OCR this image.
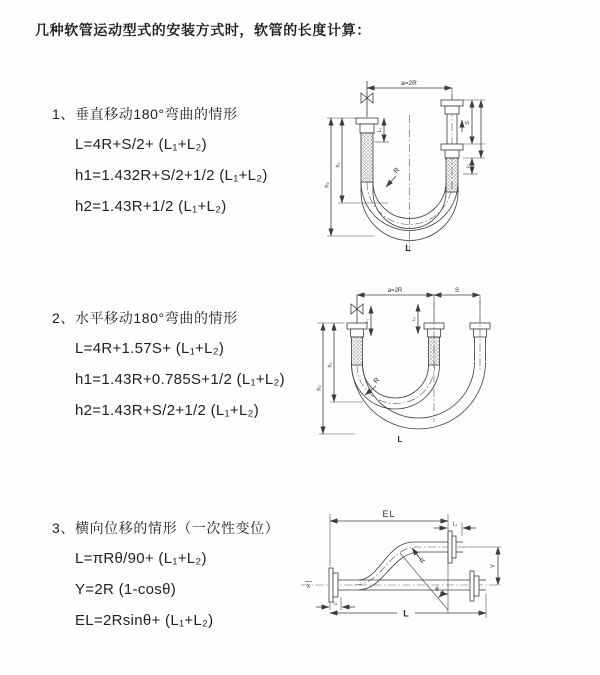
几种软管运动型式的安装方式时，软管的长度计算：
1、垂直移动180°弯曲的情形
L=4R+S/2+ (L₁+L₂)
h1=1.432R+S/2+1/2 (L₁+L₂)
h2=1.43R+1/2 (L₁+L₂)
2、水平移动180°弯曲的情形
L=4R+1.57S+ (L₁+L₂)
h1=1.43R+0.785S+1/2 (L₁+L₂)
h2=1.43R+S/2+1/2 (L₁+L₂)
3、横向位移的情形（一次性变位）
L=πRθ/90+ (L₁+L₂)
Y=2R (1-cosθ)
EL=2Rsinθ+ (L₁+L₂)
a=2R
L₁
h₁
h₂
S
L₂
R
L
a=2R	S
L₁	L₂
h₁
h₂
R
L
EL
L₂
X
Y
θ
R
L₁
L
